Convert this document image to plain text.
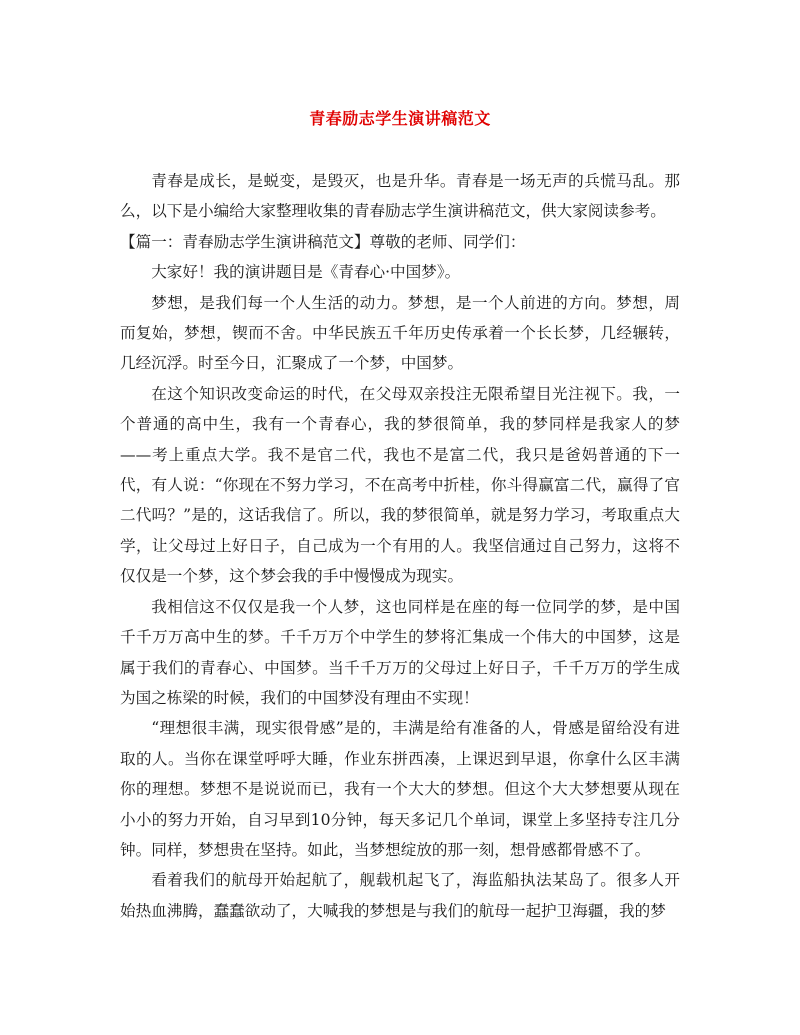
青春励志学生演讲稿范文

青春是成长，是蜕变，是毁灭，也是升华。青春是一场无声的兵慌马乱。那么，以下是小编给大家整理收集的青春励志学生演讲稿范文，供大家阅读参考。

【篇一：青春励志学生演讲稿范文】尊敬的老师、同学们：

大家好！我的演讲题目是《青春心·中国梦》。

梦想，是我们每一个人生活的动力。梦想，是一个人前进的方向。梦想，周而复始，梦想，锲而不舍。中华民族五千年历史传承着一个长长梦，几经辗转，几经沉浮。时至今日，汇聚成了一个梦，中国梦。

在这个知识改变命运的时代，在父母双亲投注无限希望目光注视下。我，一个普通的高中生，我有一个青春心，我的梦很简单，我的梦同样是我家人的梦——考上重点大学。我不是官二代，我也不是富二代，我只是爸妈普通的下一代，有人说：“你现在不努力学习，不在高考中折桂，你斗得赢富二代，赢得了官二代吗？”是的，这话我信了。所以，我的梦很简单，就是努力学习，考取重点大学，让父母过上好日子，自己成为一个有用的人。我坚信通过自己努力，这将不仅仅是一个梦，这个梦会我的手中慢慢成为现实。

我相信这不仅仅是我一个人梦，这也同样是在座的每一位同学的梦，是中国千千万万高中生的梦。千千万万个中学生的梦将汇集成一个伟大的中国梦，这是属于我们的青春心、中国梦。当千千万万的父母过上好日子，千千万万的学生成为国之栋梁的时候，我们的中国梦没有理由不实现！

“理想很丰满，现实很骨感”是的，丰满是给有准备的人，骨感是留给没有进取的人。当你在课堂呼呼大睡，作业东拼西凑，上课迟到早退，你拿什么区丰满你的理想。梦想不是说说而已，我有一个大大的梦想。但这个大大梦想要从现在小小的努力开始，自习早到10分钟，每天多记几个单词，课堂上多坚持专注几分钟。同样，梦想贵在坚持。如此，当梦想绽放的那一刻，想骨感都骨感不了。

看着我们的航母开始起航了，舰载机起飞了，海监船执法某岛了。很多人开始热血沸腾，蠢蠢欲动了，大喊我的梦想是与我们的航母一起护卫海疆，我的梦
